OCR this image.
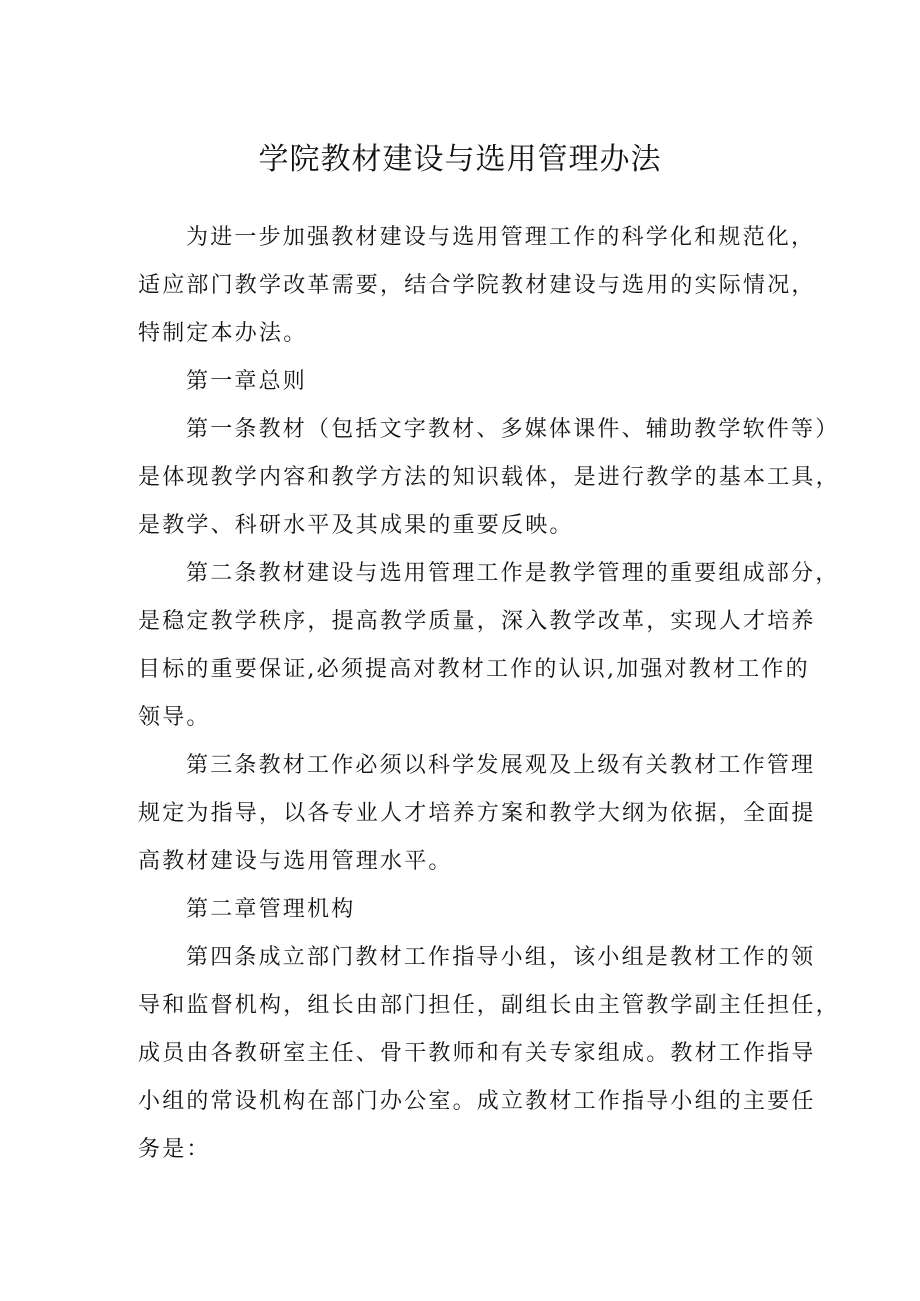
学院教材建设与选用管理办法
为进一步加强教材建设与选用管理工作的科学化和规范化，
适应部门教学改革需要，结合学院教材建设与选用的实际情况，
特制定本办法。
第一章总则
第一条教材（包括文字教材、多媒体课件、辅助教学软件等）
是体现教学内容和教学方法的知识载体，是进行教学的基本工具，
是教学、科研水平及其成果的重要反映。
第二条教材建设与选用管理工作是教学管理的重要组成部分，
是稳定教学秩序，提高教学质量，深入教学改革，实现人才培养
目标的重要保证,必须提高对教材工作的认识,加强对教材工作的
领导。
第三条教材工作必须以科学发展观及上级有关教材工作管理
规定为指导，以各专业人才培养方案和教学大纲为依据，全面提
高教材建设与选用管理水平。
第二章管理机构
第四条成立部门教材工作指导小组，该小组是教材工作的领
导和监督机构，组长由部门担任，副组长由主管教学副主任担任，
成员由各教研室主任、骨干教师和有关专家组成。教材工作指导
小组的常设机构在部门办公室。成立教材工作指导小组的主要任
务是：
